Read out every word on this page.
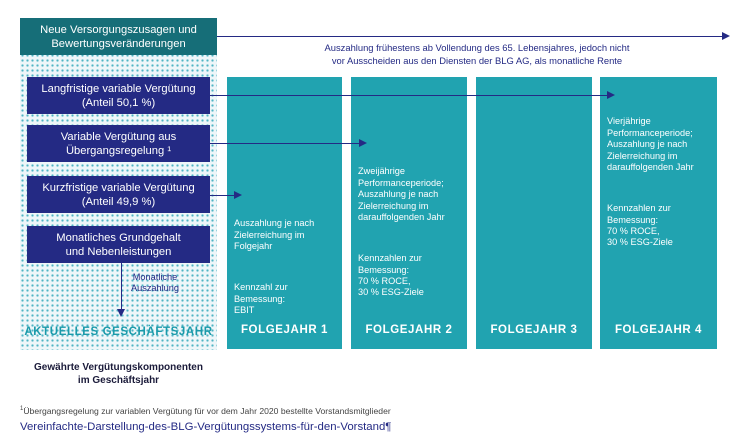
Neue Versorgungszusagen und
Bewertungsveränderungen
Langfristige variable Vergütung
(Anteil 50,1 %)
Variable Vergütung aus
Übergangsregelung ¹
Kurzfristige variable Vergütung
(Anteil 49,9 %)
Monatliches Grundgehalt
und Nebenleistungen

Auszahlung je nach
Zielerreichung im
Folgejahr

Kennzahl zur
Bemessung:
EBIT

FOLGEJAHR 1

Zweijährige
Performanceperiode;
Auszahlung je nach
Zielerreichung im
darauffolgenden Jahr

Kennzahlen zur
Bemessung:
70 % ROCE,
30 % ESG-Ziele

FOLGEJAHR 2	FOLGEJAHR 3

Vierjährige
Performanceperiode;
Auszahlung je nach
Zielerreichung im
darauffolgenden Jahr

Kennzahlen zur
Bemessung:
70 % ROCE,
30 % ESG-Ziele

FOLGEJAHR 4
AKTUELLES GESCHÄFTSJAHR
Auszahlung frühestens ab Vollendung des 65. Lebensjahres, jedoch nicht
vor Ausscheiden aus den Diensten der BLG AG, als monatliche Rente
Monatliche
Auszahlung
Gewährte Vergütungskomponenten
im Geschäftsjahr
$^1$Übergangsregelung zur variablen Vergütung für vor dem Jahr 2020 bestellte Vorstandsmitglieder
Vereinfachte-Darstellung-des-BLG-Vergütungssystems-für-den-Vorstand¶
